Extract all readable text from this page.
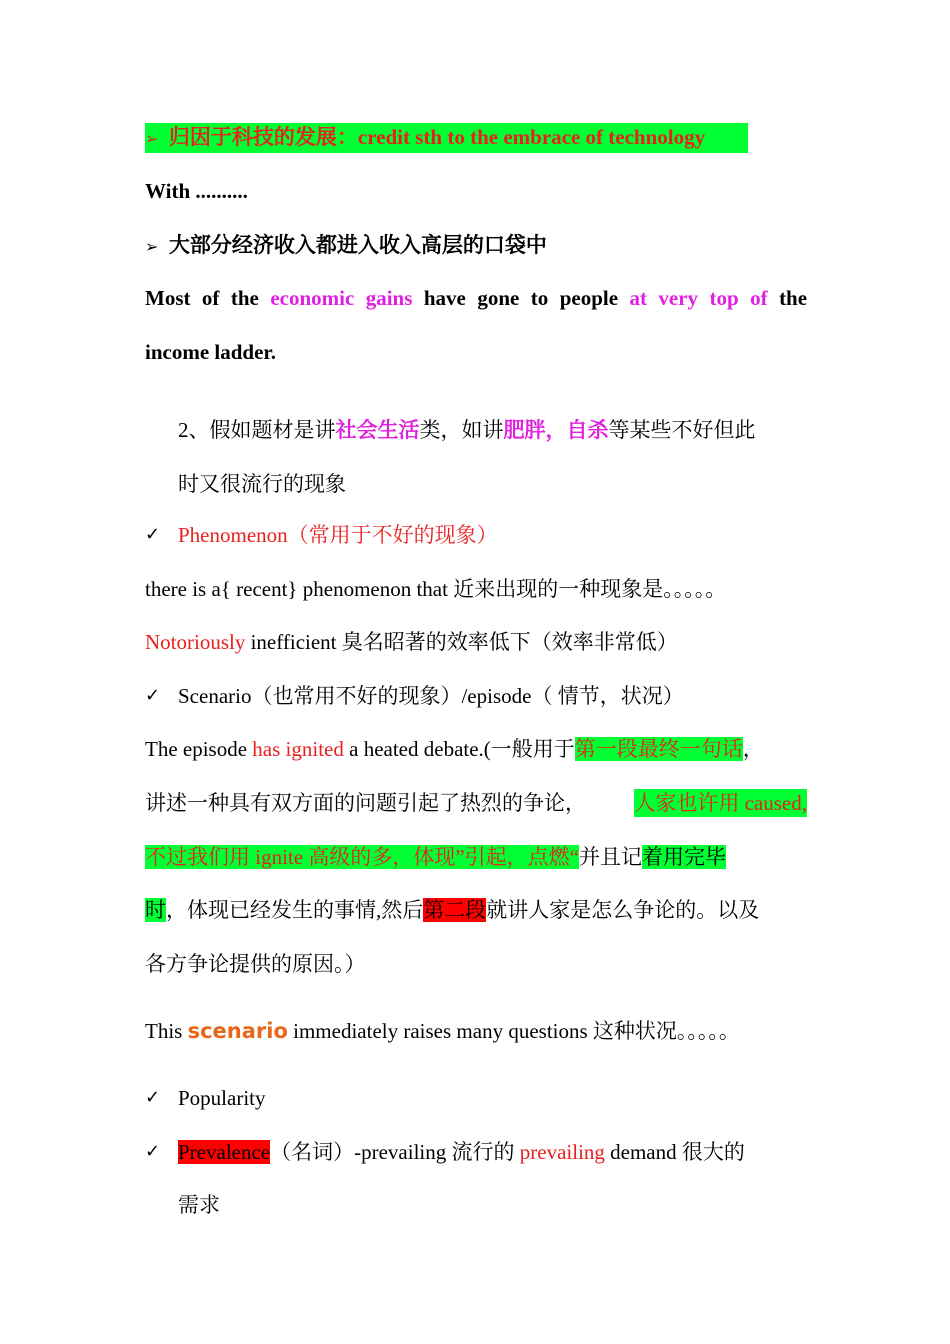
➢ 归因于科技的发展：credit sth to the embrace of technology
With ..........
➢ 大部分经济收入都进入收入高层的口袋中
Most of the economic gains have gone to people at very top of the
income ladder.
2、假如题材是讲社会生活类，如讲肥胖，自杀等某些不好但此
时又很流行的现象
✓ Phenomenon（常用于不好的现象）
there is a{ recent} phenomenon that 近来出现的一种现象是。。。。。
Notoriously inefficient 臭名昭著的效率低下（效率非常低）
✓ Scenario（也常用不好的现象）/episode（ 情节，状况）
The episode has ignited a heated debate.(一般用于第一段最终一句话，
讲述一种具有双方面的问题引起了热烈的争论， 人家也许用 caused,
不过我们用 ignite 高级的多，体现”引起，点燃“并且记着用完毕
时，体现已经发生的事情,然后第二段就讲人家是怎么争论的。以及
各方争论提供的原因。）
This scenario immediately raises many questions 这种状况。。。。。
✓ Popularity
✓ Prevalence（名词）-prevailing 流行的 prevailing demand 很大的
需求
